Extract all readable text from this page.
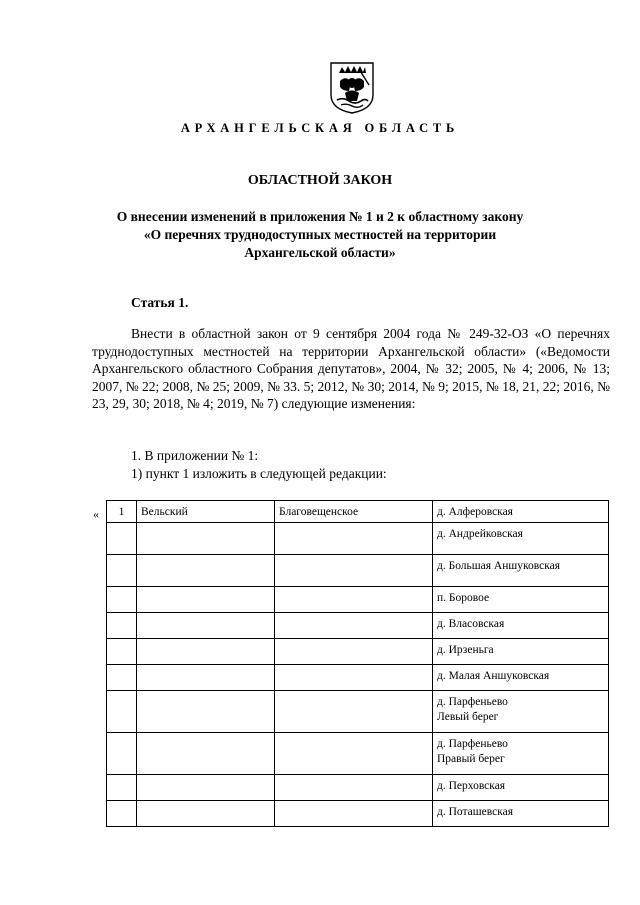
АРХАНГЕЛЬСКАЯ ОБЛАСТЬ
ОБЛАСТНОЙ ЗАКОН
О внесении изменений в приложения № 1 и 2 к областному закону
«О перечнях труднодоступных местностей на территории
Архангельской области»
Статья 1.
Внести в областной закон от 9 сентября 2004 года № 249-32-ОЗ «О перечнях труднодоступных местностей на территории Архангельской области» («Ведомости Архангельского областного Собрания депутатов», 2004, № 32; 2005, № 4; 2006, № 13; 2007, № 22; 2008, № 25; 2009, № 33. 5; 2012, № 30; 2014, № 9; 2015, № 18, 21, 22; 2016, № 23, 29, 30; 2018, № 4; 2019, № 7) следующие изменения:
1. В приложении № 1:
1) пункт 1 изложить в следующей редакции:
« 1	Вельский	Благовещенское	д. Алферовская
			д. Андрейковская
			д. Большая Аншуковская
			п. Боровое
			д. Власовская
			д. Ирзеньга
			д. Малая Аншуковская
			д. Парфеньево
Левый берег
			д. Парфеньево
Правый берег
			д. Перховская
			д. Поташевская
